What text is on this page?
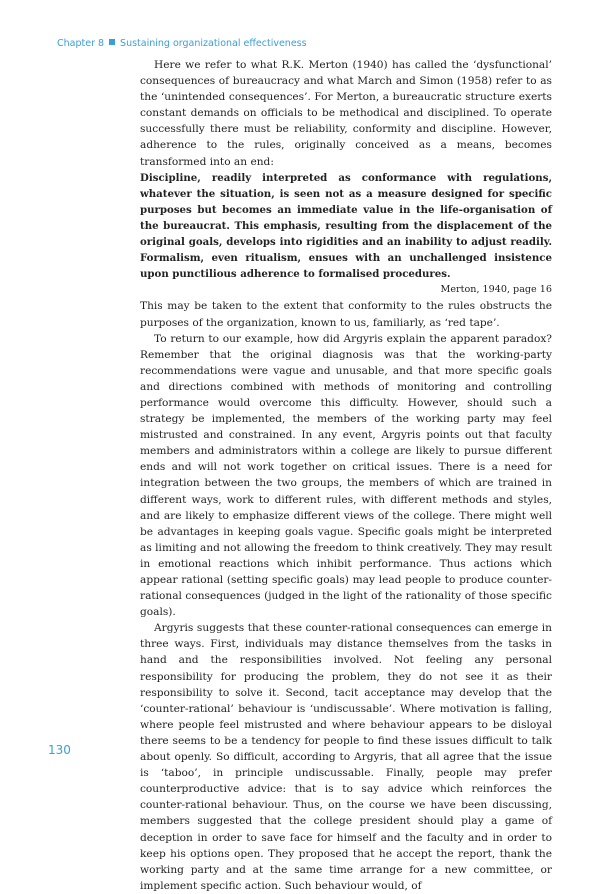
Chapter 8 Sustaining organizational effectiveness

Here we refer to what R.K. Merton (1940) has called the ‘dysfunctional’ consequences of bureaucracy and what March and Simon (1958) refer to as the ‘unintended consequences’. For Merton, a bureaucratic structure exerts constant demands on officials to be methodical and disciplined. To operate successfully there must be reliability, conformity and discipline. However, adherence to the rules, originally conceived as a means, becomes transformed into an end:

Discipline, readily interpreted as conformance with regulations, whatever the situation, is seen not as a measure designed for specific purposes but becomes an immediate value in the life-organisation of the bureaucrat. This emphasis, resulting from the displacement of the original goals, develops into rigidities and an inability to adjust readily. Formalism, even ritualism, ensues with an unchallenged insistence upon punctilious adherence to formalised procedures.

Merton, 1940, page 16

This may be taken to the extent that conformity to the rules obstructs the purposes of the organization, known to us, familiarly, as ‘red tape’.

To return to our example, how did Argyris explain the apparent paradox? Remember that the original diagnosis was that the working-party recommendations were vague and unusable, and that more specific goals and directions combined with methods of monitoring and controlling performance would overcome this difficulty. However, should such a strategy be implemented, the members of the working party may feel mistrusted and constrained. In any event, Argyris points out that faculty members and administrators within a college are likely to pursue different ends and will not work together on critical issues. There is a need for integration between the two groups, the members of which are trained in different ways, work to different rules, with different methods and styles, and are likely to emphasize different views of the college. There might well be advantages in keeping goals vague. Specific goals might be interpreted as limiting and not allowing the freedom to think creatively. They may result in emotional reactions which inhibit performance. Thus actions which appear rational (setting specific goals) may lead people to produce counter-rational consequences (judged in the light of the rationality of those specific goals).

Argyris suggests that these counter-rational consequences can emerge in three ways. First, individuals may distance themselves from the tasks in hand and the responsibilities involved. Not feeling any personal responsibility for producing the problem, they do not see it as their responsibility to solve it. Second, tacit acceptance may develop that the ‘counter-rational’ behaviour is ‘undiscussable’. Where motivation is falling, where people feel mistrusted and where behaviour appears to be disloyal there seems to be a tendency for people to find these issues difficult to talk about openly. So difficult, according to Argyris, that all agree that the issue is ‘taboo’, in principle undiscussable. Finally, people may prefer counterproductive advice: that is to say advice which reinforces the counter-rational behaviour. Thus, on the course we have been discussing, members suggested that the college president should play a game of deception in order to save face for himself and the faculty and in order to keep his options open. They proposed that he accept the report, thank the working party and at the same time arrange for a new committee, or implement specific action. Such behaviour would, of

130
